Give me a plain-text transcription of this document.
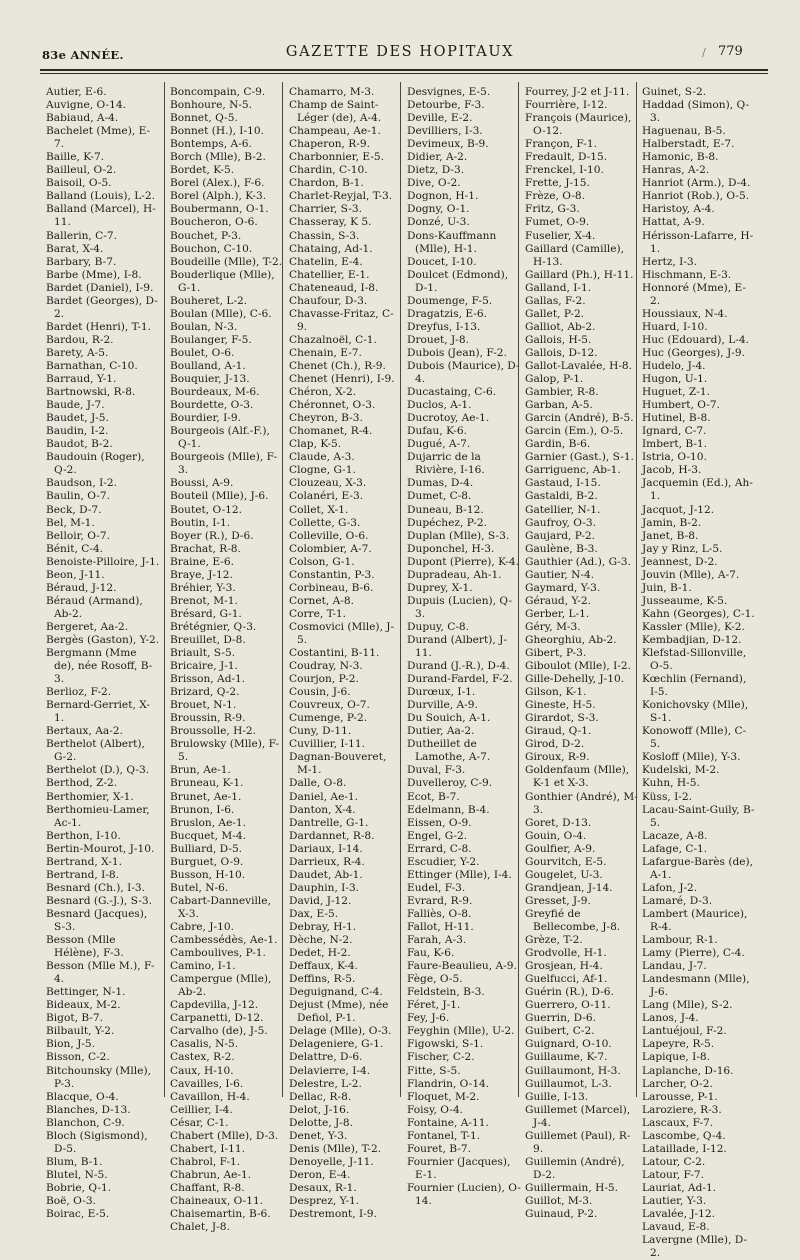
83e ANNÉE.	GAZETTE DES HOPITAUX	/ 779
Autier, E-6.
Auvigne, O-14.
Babiaud, A-4.
Bachelet (Mme), E-7.
Baille, K-7.
Bailleul, O-2.
Baisoil, O-5.
Balland (Louis), L-2.
Balland (Marcel), H-11.
Ballerin, C-7.
Barat, X-4.
Barbary, B-7.
Barbe (Mme), I-8.
Bardet (Daniel), I-9.
Bardet (Georges), D-2.
Bardet (Henri), T-1.
Bardou, R-2.
Barety, A-5.
Barnathan, C-10.
Barraud, Y-1.
Bartnowski, R-8.
Baude, J-7.
Baudet, J-5.
Baudin, I-2.
Baudot, B-2.
Baudouin (Roger), Q-2.
Baudson, I-2.
Baulin, O-7.
Beck, D-7.
Bel, M-1.
Belloir, O-7.
Bénit, C-4.
Benoiste-Pilloire, J-1.
Beon, J-11.
Béraud, J-12.
Béraud (Armand), Ab-2.
Bergeret, Aa-2.
Bergès (Gaston), Y-2.
Bergmann (Mme de), née Rosoff, B-3.
Berlioz, F-2.
Bernard-Gerriet, X-1.
Bertaux, Aa-2.
Berthelot (Albert), G-2.
Berthelot (D.), Q-3.
Berthod, Z-2.
Berthomier, X-1.
Berthomieu-Lamer, Ac-1.
Berthon, I-10.
Bertin-Mourot, J-10.
Bertrand, X-1.
Bertrand, I-8.
Besnard (Ch.), I-3.
Besnard (G.-J.), S-3.
Besnard (Jacques), S-3.
Besson (Mlle Hélène), F-3.
Besson (Mlle M.), F-4.
Bettinger, N-1.
Bideaux, M-2.
Bigot, B-7.
Bilbault, Y-2.
Bion, J-5.
Bisson, C-2.
Bitchounsky (Mlle), P-3.
Blacque, O-4.
Blanches, D-13.
Blanchon, C-9.
Bloch (Sigismond), D-5.
Blum, B-1.
Blutel, N-5.
Bobrie, Q-1.
Boë, O-3.
Boirac, E-5.
Boncompain, C-9.
Bonhoure, N-5.
Bonnet, Q-5.
Bonnet (H.), I-10.
Bontemps, A-6.
Borch (Mlle), B-2.
Bordet, K-5.
Borel (Alex.), F-6.
Borel (Alph.), K-3.
Boubermann, O-1.
Boucheron, O-6.
Bouchet, P-3.
Bouchon, C-10.
Boudeille (Mlle), T-2.
Bouderlique (Mlle), G-1.
Bouheret, L-2.
Boulan (Mlle), C-6.
Boulan, N-3.
Boulanger, F-5.
Boulet, O-6.
Boulland, A-1.
Bouquier, J-13.
Bourdeaux, M-6.
Bourdette, O-3.
Bourdier, I-9.
Bourgeois (Alf.-F.), Q-1.
Bourgeois (Mlle), F-3.
Boussi, A-9.
Bouteil (Mlle), J-6.
Boutet, O-12.
Boutin, I-1.
Boyer (R.), D-6.
Brachat, R-8.
Braine, E-6.
Braye, J-12.
Bréhier, Y-3.
Brenot, M-1.
Brésard, G-1.
Brétégnier, Q-3.
Breuillet, D-8.
Briault, S-5.
Bricaire, J-1.
Brisson, Ad-1.
Brizard, Q-2.
Brouet, N-1.
Broussin, R-9.
Broussolle, H-2.
Brulowsky (Mlle), F-5.
Brun, Ae-1.
Bruneau, K-1.
Brunet, Ae-1.
Brunon, I-6.
Bruslon, Ae-1.
Bucquet, M-4.
Bulliard, D-5.
Burguet, O-9.
Busson, H-10.
Butel, N-6.
Cabart-Danneville, X-3.
Cabre, J-10.
Cambessédès, Ae-1.
Camboulives, P-1.
Camino, I-1.
Campergue (Mlle), Ab-2.
Capdevilla, J-12.
Carpanetti, D-12.
Carvalho (de), J-5.
Casalis, N-5.
Castex, R-2.
Caux, H-10.
Cavailles, I-6.
Cavaillon, H-4.
Ceillier, I-4.
César, C-1.
Chabert (Mlle), D-3.
Chabert, I-11.
Chabrol, F-1.
Chabrun, Ae-1.
Chaffant, R-8.
Chaineaux, O-11.
Chaisemartin, B-6.
Chalet, J-8.
Chamarro, M-3.
Champ de Saint-Léger (de), A-4.
Champeau, Ae-1.
Chaperon, R-9.
Charbonnier, E-5.
Chardin, C-10.
Chardon, B-1.
Charlet-Reyjal, T-3.
Charrier, S-3.
Chasseray, K 5.
Chassin, S-3.
Chataing, Ad-1.
Chatelin, E-4.
Chatellier, E-1.
Chateneaud, I-8.
Chaufour, D-3.
Chavasse-Fritaz, C-9.
Chazalnoël, C-1.
Chenain, E-7.
Chenet (Ch.), R-9.
Chenet (Henri), I-9.
Chéron, X-2.
Chéronnet, O-3.
Cheyron, B-3.
Chomanet, R-4.
Clap, K-5.
Claude, A-3.
Clogne, G-1.
Clouzeau, X-3.
Colanéri, E-3.
Collet, X-1.
Collette, G-3.
Colleville, O-6.
Colombier, A-7.
Colson, G-1.
Constantin, P-3.
Corbineau, B-6.
Cornet, A-8.
Corre, T-1.
Cosmovici (Mlle), J-5.
Costantini, B-11.
Coudray, N-3.
Courjon, P-2.
Cousin, J-6.
Couvreux, O-7.
Cumenge, P-2.
Cuny, D-11.
Cuvillier, I-11.
Dagnan-Bouveret, M-1.
Dalle, O-8.
Daniel, Ae-1.
Danton, X-4.
Dantrelle, G-1.
Dardannet, R-8.
Dariaux, I-14.
Darrieux, R-4.
Daudet, Ab-1.
Dauphin, I-3.
David, J-12.
Dax, E-5.
Debray, H-1.
Dèche, N-2.
Dedet, H-2.
Deffaux, K-4.
Deffins, R-5.
Deguignand, C-4.
Dejust (Mme), née Defiol, P-1.
Delage (Mlle), O-3.
Delageniere, G-1.
Delattre, D-6.
Delavierre, I-4.
Delestre, L-2.
Dellac, R-8.
Delot, J-16.
Delotte, J-8.
Denet, Y-3.
Denis (Mlle), T-2.
Denoyelle, J-11.
Deron, E-4.
Desaux, R-1.
Desprez, Y-1.
Destremont, I-9.
Desvignes, E-5.
Detourbe, F-3.
Deville, E-2.
Devilliers, I-3.
Devimeux, B-9.
Didier, A-2.
Dietz, D-3.
Dive, O-2.
Dognon, H-1.
Dogny, O-1.
Donzé, U-3.
Dons-Kauffmann (Mlle), H-1.
Doucet, I-10.
Doulcet (Edmond), D-1.
Doumenge, F-5.
Dragatzis, E-6.
Dreyfus, I-13.
Drouet, J-8.
Dubois (Jean), F-2.
Dubois (Maurice), D-4.
Ducastaing, C-6.
Duclos, A-1.
Ducrotoy, Ae-1.
Dufau, K-6.
Dugué, A-7.
Dujarric de la Rivière, I-16.
Dumas, D-4.
Dumet, C-8.
Duneau, B-12.
Dupéchez, P-2.
Duplan (Mlle), S-3.
Duponchel, H-3.
Dupont (Pierre), K-4.
Dupradeau, Ah-1.
Duprey, X-1.
Dupuis (Lucien), Q-3.
Dupuy, C-8.
Durand (Albert), J-11.
Durand (J.-R.), D-4.
Durand-Fardel, F-2.
Durœux, I-1.
Durville, A-9.
Du Souich, A-1.
Dutier, Aa-2.
Dutheillet de Lamothe, A-7.
Duval, F-3.
Duvelleroy, C-9.
Ecot, B-7.
Edelmann, B-4.
Eissen, O-9.
Engel, G-2.
Errard, C-8.
Escudier, Y-2.
Ettinger (Mlle), I-4.
Eudel, F-3.
Evrard, R-9.
Falliès, O-8.
Fallot, H-11.
Farah, A-3.
Fau, K-6.
Faure-Beaulieu, A-9.
Fège, O-5.
Feldstein, B-3.
Féret, J-1.
Fey, J-6.
Feyghin (Mlle), U-2.
Figowski, S-1.
Fischer, C-2.
Fitte, S-5.
Flandrin, O-14.
Floquet, M-2.
Foisy, O-4.
Fontaine, A-11.
Fontanel, T-1.
Fouret, B-7.
Fournier (Jacques), E-1.
Fournier (Lucien), O-14.
Fourrey, J-2 et J-11.
Fourrière, I-12.
François (Maurice), O-12.
Françon, F-1.
Fredault, D-15.
Frenckel, I-10.
Frette, J-15.
Frèze, O-8.
Fritz, G-3.
Fumet, O-9.
Fuselier, X-4.
Gaillard (Camille), H-13.
Gaillard (Ph.), H-11.
Galland, I-1.
Gallas, F-2.
Gallet, P-2.
Galliot, Ab-2.
Gallois, H-5.
Gallois, D-12.
Gallot-Lavalée, H-8.
Galop, P-1.
Gambier, R-8.
Garban, A-5.
Garcin (André), B-5.
Garcin (Em.), O-5.
Gardin, B-6.
Garnier (Gast.), S-1.
Garriguenc, Ab-1.
Gastaud, I-15.
Gastaldi, B-2.
Gatellier, N-1.
Gaufroy, O-3.
Gaujard, P-2.
Gaulène, B-3.
Gauthier (Ad.), G-3.
Gautier, N-4.
Gaymard, Y-3.
Géraud, Y-2.
Gerber, L-1.
Géry, M-3.
Gheorghiu, Ab-2.
Gibert, P-3.
Giboulot (Mlle), I-2.
Gille-Dehelly, J-10.
Gilson, K-1.
Gineste, H-5.
Girardot, S-3.
Giraud, Q-1.
Girod, D-2.
Giroux, R-9.
Goldenfaum (Mlle), K-1 et X-3.
Gonthier (André), M-3.
Goret, D-13.
Gouin, O-4.
Goulfier, A-9.
Gourvitch, E-5.
Gougelet, U-3.
Grandjean, J-14.
Gresset, J-9.
Greyfié de Bellecombe, J-8.
Grèze, T-2.
Grodvolle, H-1.
Grosjean, H-4.
Guelfucci, Af-1.
Guérin (R.), D-6.
Guerrero, O-11.
Guerrin, D-6.
Guibert, C-2.
Guignard, O-10.
Guillaume, K-7.
Guillaumont, H-3.
Guillaumot, L-3.
Guille, I-13.
Guillemet (Marcel), J-4.
Guillemet (Paul), R-9.
Guillemin (André), D-2.
Guillermain, H-5.
Guillot, M-3.
Guinaud, P-2.
Guinet, S-2.
Haddad (Simon), Q-3.
Haguenau, B-5.
Halberstadt, E-7.
Hamonic, B-8.
Hanras, A-2.
Hanriot (Arm.), D-4.
Hanriot (Rob.), O-5.
Haristoy, A-4.
Hattat, A-9.
Hérisson-Lafarre, H-1.
Hertz, I-3.
Hischmann, E-3.
Honnoré (Mme), E-2.
Houssiaux, N-4.
Huard, I-10.
Huc (Edouard), L-4.
Huc (Georges), J-9.
Hudelo, J-4.
Hugon, U-1.
Huguet, Z-1.
Humbert, O-7.
Hutinel, B-8.
Ignard, C-7.
Imbert, B-1.
Istria, O-10.
Jacob, H-3.
Jacquemin (Ed.), Ah-1.
Jacquot, J-12.
Jamin, B-2.
Janet, B-8.
Jay y Rinz, L-5.
Jeannest, D-2.
Jouvin (Mlle), A-7.
Juin, B-1.
Jusseaume, K-5.
Kahn (Georges), C-1.
Kassler (Mlle), K-2.
Kembadjian, D-12.
Klefstad-Sillonville, O-5.
Kœchlin (Fernand), I-5.
Konichovsky (Mlle), S-1.
Konowoff (Mlle), C-5.
Kosloff (Mlle), Y-3.
Kudelski, M-2.
Kuhn, H-5.
Küss, I-2.
Lacau-Saint-Guily, B-5.
Lacaze, A-8.
Lafage, C-1.
Lafargue-Barès (de), A-1.
Lafon, J-2.
Lamaré, D-3.
Lambert (Maurice), R-4.
Lambour, R-1.
Lamy (Pierre), C-4.
Landau, J-7.
Landesmann (Mlle), J-6.
Lang (Mlle), S-2.
Lanos, J-4.
Lantuéjoul, F-2.
Lapeyre, R-5.
Lapique, I-8.
Laplanche, D-16.
Larcher, O-2.
Larousse, P-1.
Laroziere, R-3.
Lascaux, F-7.
Lascombe, Q-4.
Lataillade, I-12.
Latour, C-2.
Latour, F-7.
Lauriat, Ad-1.
Lautier, Y-3.
Lavalée, J-12.
Lavaud, E-8.
Lavergne (Mlle), D-2.
